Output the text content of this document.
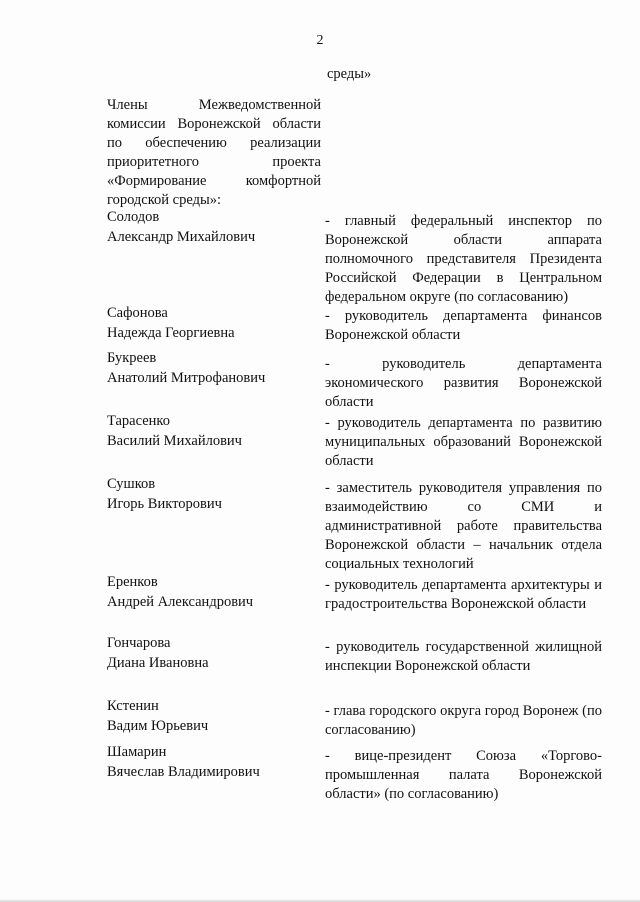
2
среды»
Члены Межведомственной комиссии Воронежской области по обеспечению реализации приоритетного проекта «Формирование комфортной городской среды»:
Солодов
Александр Михайлович
- главный федеральный инспектор по Воронежской области аппарата полномочного представителя Президента Российской Федерации в Центральном федеральном округе (по согласованию)
Сафонова
Надежда Георгиевна
- руководитель департамента финансов Воронежской области
Букреев
Анатолий Митрофанович
- руководитель департамента экономического развития Воронежской области
Тарасенко
Василий Михайлович
- руководитель департамента по развитию муниципальных образований Воронежской области
Сушков
Игорь Викторович
- заместитель руководителя управления по взаимодействию со СМИ и административной работе правительства Воронежской области – начальник отдела социальных технологий
Еренков
Андрей Александрович
- руководитель департамента архитектуры и градостроительства Воронежской области
Гончарова
Диана Ивановна
- руководитель государственной жилищной инспекции Воронежской области
Кстенин
Вадим Юрьевич
- глава городского округа город Воронеж (по согласованию)
Шамарин
Вячеслав Владимирович
- вице-президент Союза «Торгово-промышленная палата Воронежской области» (по согласованию)
